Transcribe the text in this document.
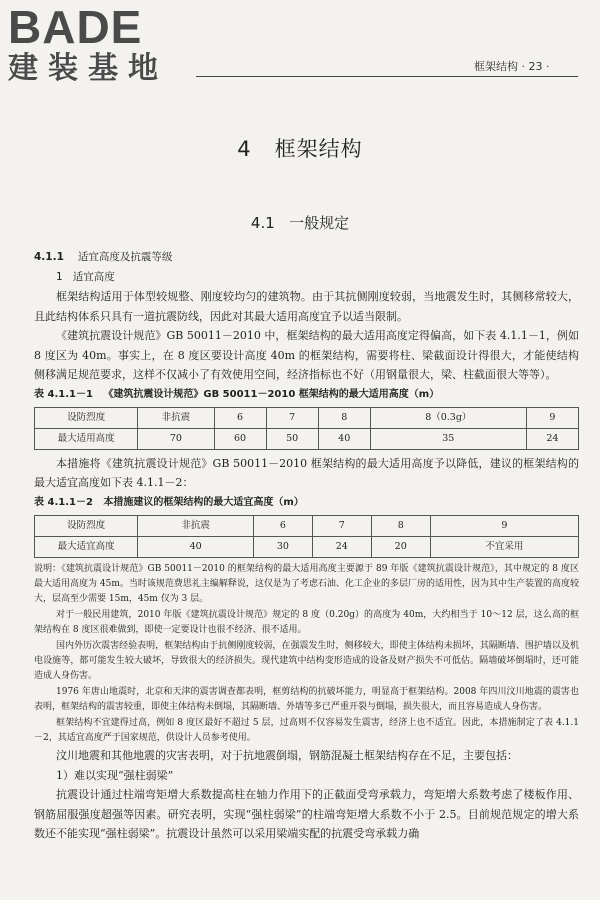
BADE
建装基地	框架结构 · 23 ·
4   框架结构
4.1   一般规定

4.1.1 适宜高度及抗震等级

1   适宜高度

框架结构适用于体型较规整、刚度较均匀的建筑物。由于其抗侧刚度较弱，当地震发生时，其侧移常较大，且此结构体系只具有一道抗震防线，因此对其最大适用高度宜予以适当限制。

《建筑抗震设计规范》GB 50011－2010 中，框架结构的最大适用高度定得偏高，如下表 4.1.1－1，例如 8 度区为 40m。事实上，在 8 度区要设计高度 40m 的框架结构，需要将柱、梁截面设计得很大，才能使结构侧移满足规范要求，这样不仅减小了有效使用空间，经济指标也不好（用钢量很大，梁、柱截面很大等等）。

表 4.1.1－1   《建筑抗震设计规范》GB 50011－2010 框架结构的最大适用高度（m）

设防烈度	非抗震	6	7	8	8（0.3g）	9
最大适用高度	70	60	50	40	35	24

本措施将《建筑抗震设计规范》GB 50011－2010 框架结构的最大适用高度予以降低，建议的框架结构的最大适宜高度如下表 4.1.1－2：

表 4.1.1－2   本措施建议的框架结构的最大适宜高度（m）

设防烈度	非抗震	6	7	8	9
最大适宜高度	40	30	24	20	不宜采用

说明：《建筑抗震设计规范》GB 50011－2010 的框架结构的最大适用高度主要源于 89 年版《建筑抗震设计规范》，其中规定的 8 度区最大适用高度为 45m。当时该规范费思礼主编解释说，这仅是为了考虑石油、化工企业的多层厂房的适用性，因为其中生产装置的高度较大，层高至少需要 15m，45m 仅为 3 层。

对于一般民用建筑，2010 年版《建筑抗震设计规范》规定的 8 度（0.20g）的高度为 40m，大约相当于 10～12 层，这么高的框架结构在 8 度区很难做到，即使一定要设计也很不经济、很不适用。

国内外历次震害经验表明，框架结构由于抗侧刚度较弱，在强震发生时，侧移较大，即使主体结构未损坏，其隔断墙、围护墙以及机电设施等，都可能发生较大破坏，导致很大的经济损失。现代建筑中结构变形造成的设备及财产损失不可低估。隔墙破坏倒塌时，还可能造成人身伤害。

1976 年唐山地震时，北京和天津的震害调查都表明，框剪结构的抗破坏能力，明显高于框架结构。2008 年四川汶川地震的震害也表明，框架结构的震害较重，即使主体结构未倒塌，其隔断墙、外墙等多已严重开裂与倒塌，损失很大，而且容易造成人身伤害。

框架结构不宜建得过高，例如 8 度区最好不超过 5 层，过高则不仅容易发生震害，经济上也不适宜。因此，本措施制定了表 4.1.1－2，其适宜高度严于国家规范，供设计人员参考使用。

汶川地震和其他地震的灾害表明，对于抗地震倒塌，钢筋混凝土框架结构存在不足，主要包括：

1）难以实现“强柱弱梁”

抗震设计通过柱端弯矩增大系数提高柱在轴力作用下的正截面受弯承载力，弯矩增大系数考虑了楼板作用、钢筋屈服强度超强等因素。研究表明，实现“强柱弱梁”的柱端弯矩增大系数不小于 2.5。目前规范规定的增大系数还不能实现“强柱弱梁”。抗震设计虽然可以采用梁端实配的抗震受弯承载力确
